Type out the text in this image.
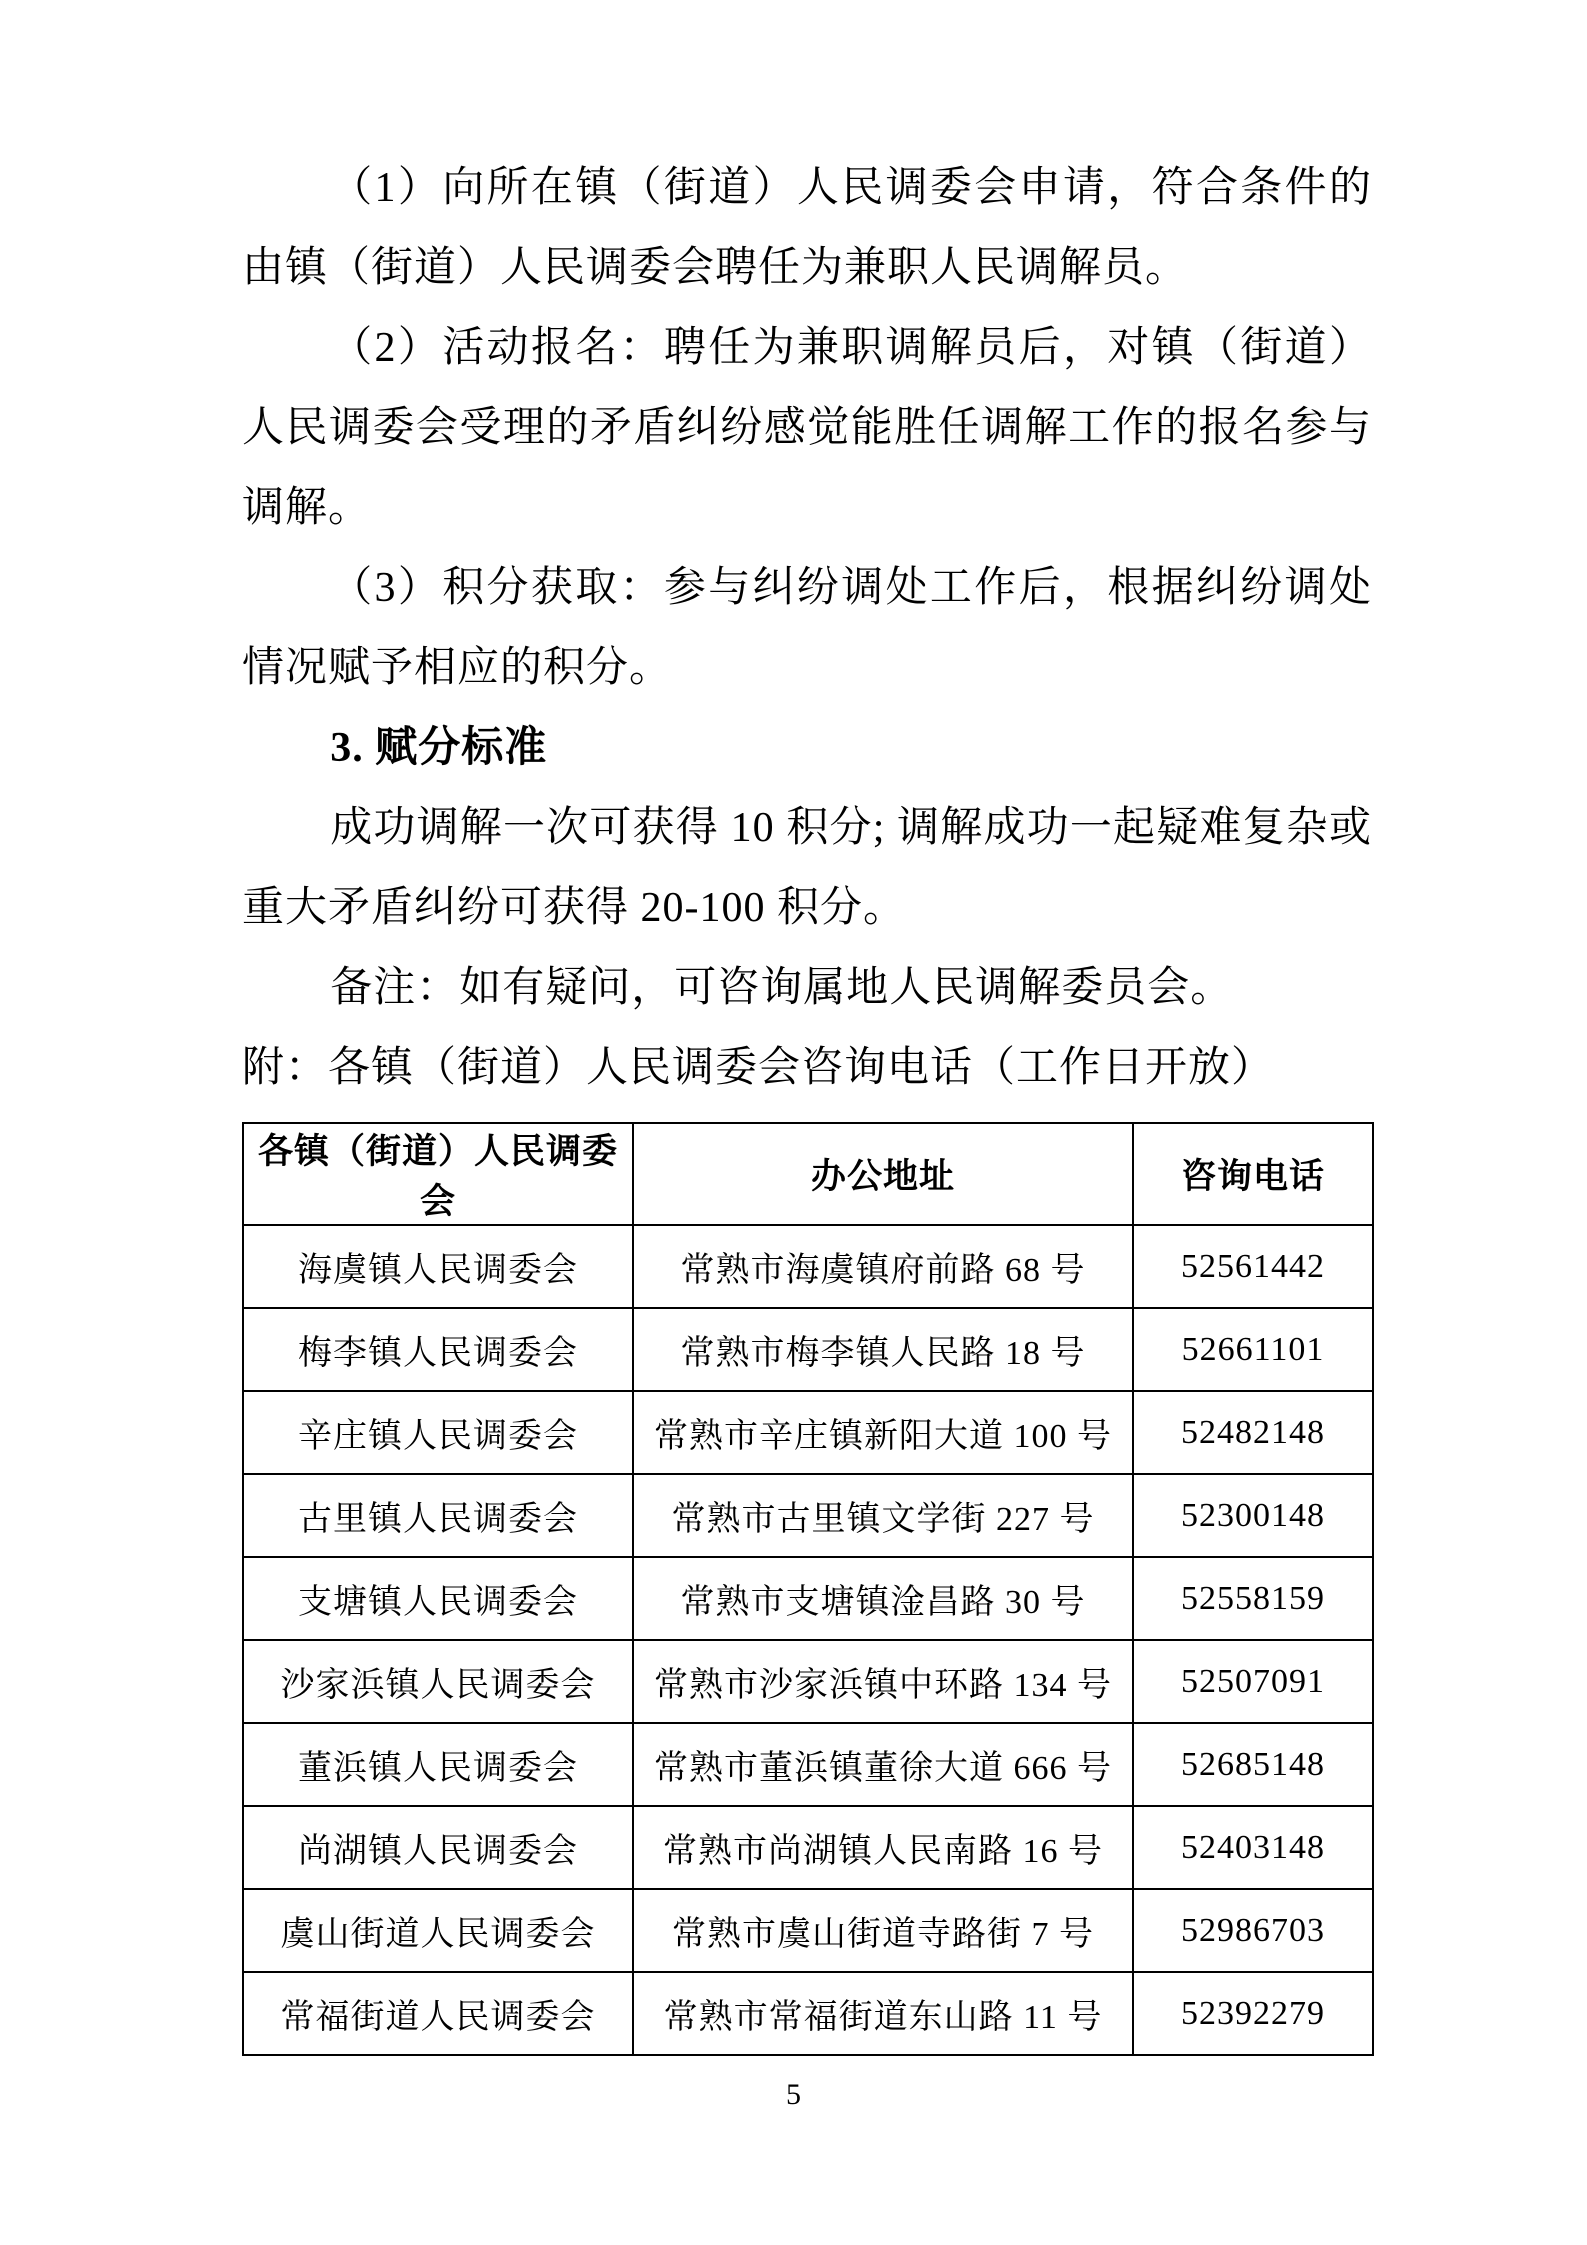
（1）向所在镇（街道）人民调委会申请，符合条件的由镇（街道）人民调委会聘任为兼职人民调解员。

（2）活动报名：聘任为兼职调解员后，对镇（街道）人民调委会受理的矛盾纠纷感觉能胜任调解工作的报名参与调解。

（3）积分获取：参与纠纷调处工作后，根据纠纷调处情况赋予相应的积分。

3. 赋分标准

成功调解一次可获得 10 积分; 调解成功一起疑难复杂或重大矛盾纠纷可获得 20-100 积分。

备注：如有疑问，可咨询属地人民调解委员会。

附：各镇（街道）人民调委会咨询电话（工作日开放）

各镇（街道）人民调委会	办公地址	咨询电话
海虞镇人民调委会	常熟市海虞镇府前路 68 号	52561442
梅李镇人民调委会	常熟市梅李镇人民路 18 号	52661101
辛庄镇人民调委会	常熟市辛庄镇新阳大道 100 号	52482148
古里镇人民调委会	常熟市古里镇文学街 227 号	52300148
支塘镇人民调委会	常熟市支塘镇淦昌路 30 号	52558159
沙家浜镇人民调委会	常熟市沙家浜镇中环路 134 号	52507091
董浜镇人民调委会	常熟市董浜镇董徐大道 666 号	52685148
尚湖镇人民调委会	常熟市尚湖镇人民南路 16 号	52403148
虞山街道人民调委会	常熟市虞山街道寺路街 7 号	52986703
常福街道人民调委会	常熟市常福街道东山路 11 号	52392279
5
